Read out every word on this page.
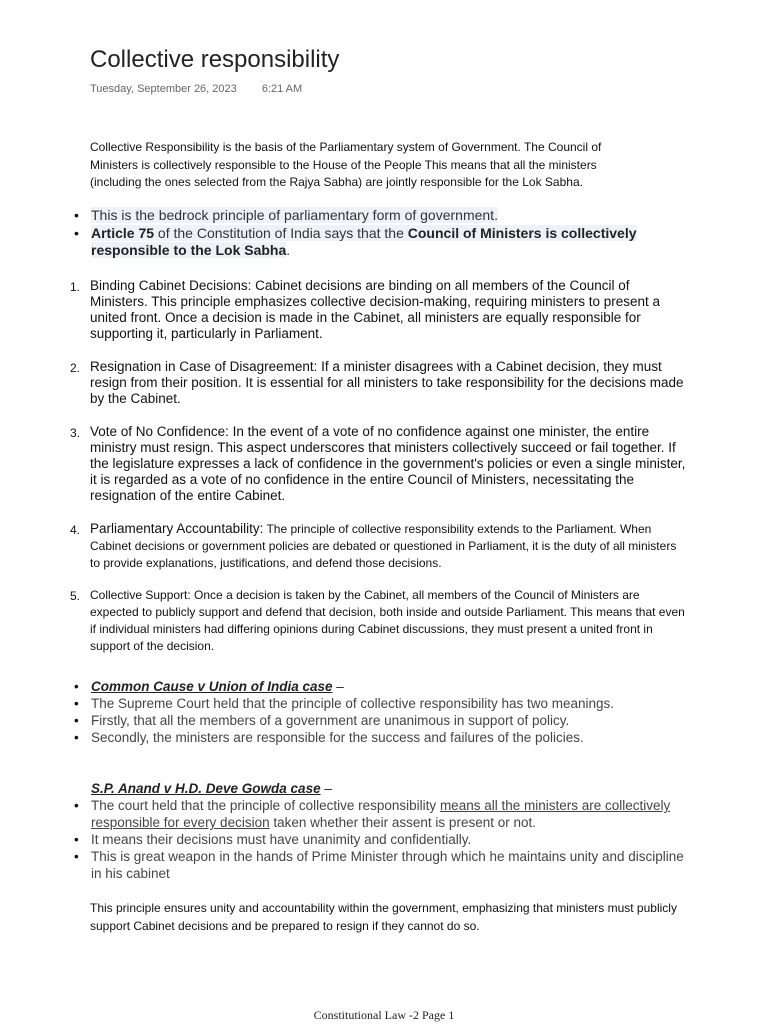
Collective responsibility
Tuesday, September 26, 2023 6:21 AM

Collective Responsibility is the basis of the Parliamentary system of Government. The Council of Ministers is collectively responsible to the House of the People This means that all the ministers (including the ones selected from the Rajya Sabha) are jointly responsible for the Lok Sabha.

• This is the bedrock principle of parliamentary form of government.
• Article 75 of the Constitution of India says that the Council of Ministers is collectively responsible to the Lok Sabha.
1. Binding Cabinet Decisions: Cabinet decisions are binding on all members of the Council of Ministers. This principle emphasizes collective decision-making, requiring ministers to present a united front. Once a decision is made in the Cabinet, all ministers are equally responsible for supporting it, particularly in Parliament.
2. Resignation in Case of Disagreement: If a minister disagrees with a Cabinet decision, they must resign from their position. It is essential for all ministers to take responsibility for the decisions made by the Cabinet.
3. Vote of No Confidence: In the event of a vote of no confidence against one minister, the entire ministry must resign. This aspect underscores that ministers collectively succeed or fail together. If the legislature expresses a lack of confidence in the government's policies or even a single minister, it is regarded as a vote of no confidence in the entire Council of Ministers, necessitating the resignation of the entire Cabinet.
4. Parliamentary Accountability: The principle of collective responsibility extends to the Parliament. When Cabinet decisions or government policies are debated or questioned in Parliament, it is the duty of all ministers to provide explanations, justifications, and defend those decisions.
5. Collective Support: Once a decision is taken by the Cabinet, all members of the Council of Ministers are expected to publicly support and defend that decision, both inside and outside Parliament. This means that even if individual ministers had differing opinions during Cabinet discussions, they must present a united front in support of the decision.
• Common Cause v Union of India case –
• The Supreme Court held that the principle of collective responsibility has two meanings.
• Firstly, that all the members of a government are unanimous in support of policy.
• Secondly, the ministers are responsible for the success and failures of the policies.
S.P. Anand v H.D. Deve Gowda case –
• The court held that the principle of collective responsibility means all the ministers are collectively responsible for every decision taken whether their assent is present or not.
• It means their decisions must have unanimity and confidentially.
• This is great weapon in the hands of Prime Minister through which he maintains unity and discipline in his cabinet

This principle ensures unity and accountability within the government, emphasizing that ministers must publicly support Cabinet decisions and be prepared to resign if they cannot do so.

Constitutional Law -2 Page 1
